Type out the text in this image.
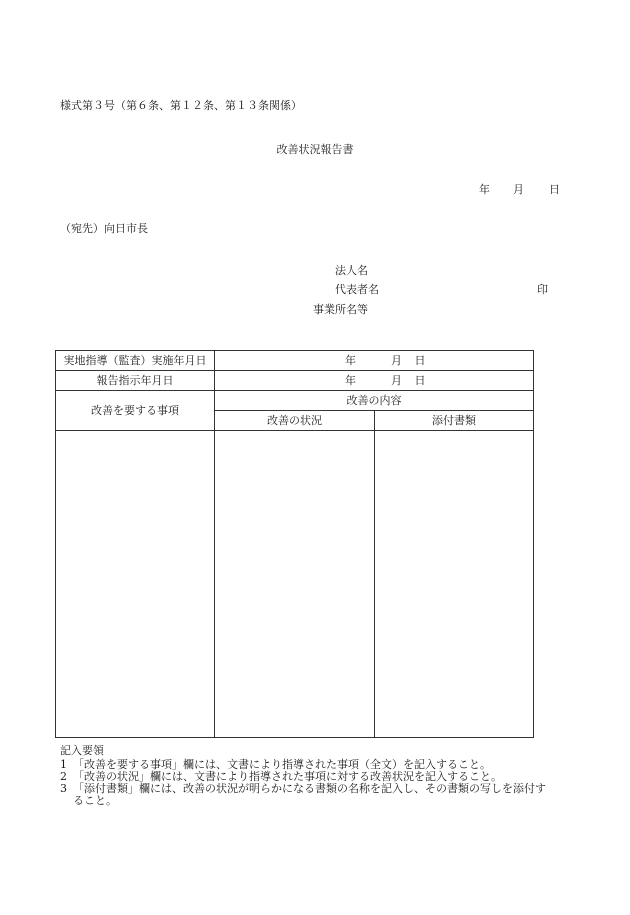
様式第３号（第６条、第１２条、第１３条関係）
改善状況報告書
年 月 日
（宛先）向日市長
法人名
代表者名	印
事業所名等
実地指導（監査）実施年月日	年 月 日	
報告指示年月日	年 月 日	
改善を要する事項	改善の内容	
	改善の状況	添付書類

記入要領
1 「改善を要する事項」欄には、文書により指導された事項（全文）を記入すること。
2 「改善の状況」欄には、文書により指導された事項に対する改善状況を記入すること。
3 「添付書類」欄には、改善の状況が明らかになる書類の名称を記入し、その書類の写しを添付すること。
